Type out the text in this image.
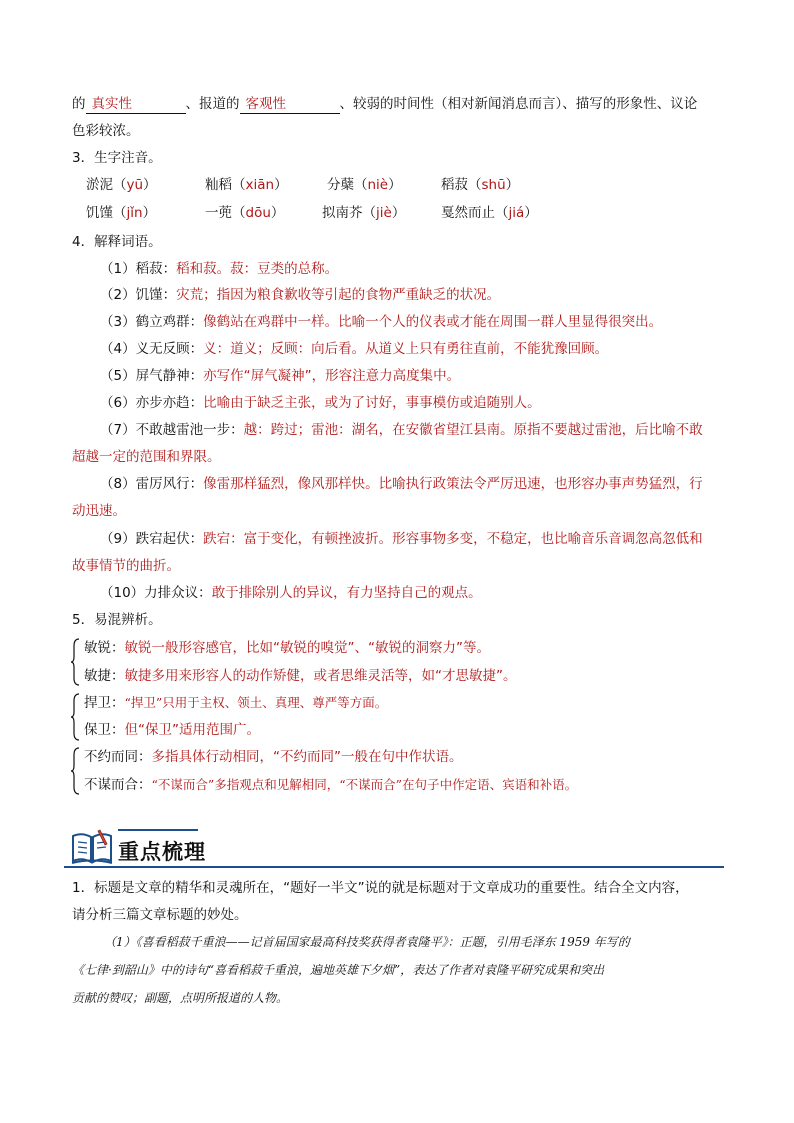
的 真实性	、报道的 客观性	、较弱的时间性（相对新闻消息而言）、描写的形象性、议论
色彩较浓。
3．生字注音。
淤泥（yū）	籼稻（xiān）	分蘖（niè）	稻菽（shū）
饥馑（jǐn）	一蔸（dōu）	拟南芥（jiè）	戛然而止（jiá）
4．解释词语。
（1）稻菽：稻和菽。菽：豆类的总称。
（2）饥馑：灾荒；指因为粮食歉收等引起的食物严重缺乏的状况。
（3）鹤立鸡群：像鹤站在鸡群中一样。比喻一个人的仪表或才能在周围一群人里显得很突出。
（4）义无反顾：义：道义；反顾：向后看。从道义上只有勇往直前，不能犹豫回顾。
（5）屏气静神：亦写作“屏气凝神”，形容注意力高度集中。
（6）亦步亦趋：比喻由于缺乏主张，或为了讨好，事事模仿或追随别人。
（7）不敢越雷池一步：越：跨过；雷池：湖名，在安徽省望江县南。原指不要越过雷池，后比喻不敢
超越一定的范围和界限。
（8）雷厉风行：像雷那样猛烈，像风那样快。比喻执行政策法令严厉迅速，也形容办事声势猛烈，行
动迅速。
（9）跌宕起伏：跌宕：富于变化，有顿挫波折。形容事物多变，不稳定，也比喻音乐音调忽高忽低和
故事情节的曲折。
（10）力排众议：敢于排除别人的异议，有力坚持自己的观点。
5．易混辨析。
敏锐：敏锐一般形容感官，比如“敏锐的嗅觉”、“敏锐的洞察力”等。
敏捷：敏捷多用来形容人的动作矫健，或者思维灵活等，如“才思敏捷”。
捍卫：“捍卫”只用于主权、领土、真理、尊严等方面。
保卫：但“保卫”适用范围广。
不约而同：多指具体行动相同，“不约而同”一般在句中作状语。
不谋而合：“不谋而合”多指观点和见解相同，“不谋而合”在句子中作定语、宾语和补语。
重点梳理
1．标题是文章的精华和灵魂所在，“题好一半文”说的就是标题对于文章成功的重要性。结合全文内容，
请分析三篇文章标题的妙处。
（1）《喜看稻菽千重浪——记首届国家最高科技奖获得者袁隆平》：正题，引用毛泽东 1959 年写的
《七律·到韶山》中的诗句“喜看稻菽千重浪，遍地英雄下夕烟”，表达了作者对袁隆平研究成果和突出
贡献的赞叹；副题，点明所报道的人物。
